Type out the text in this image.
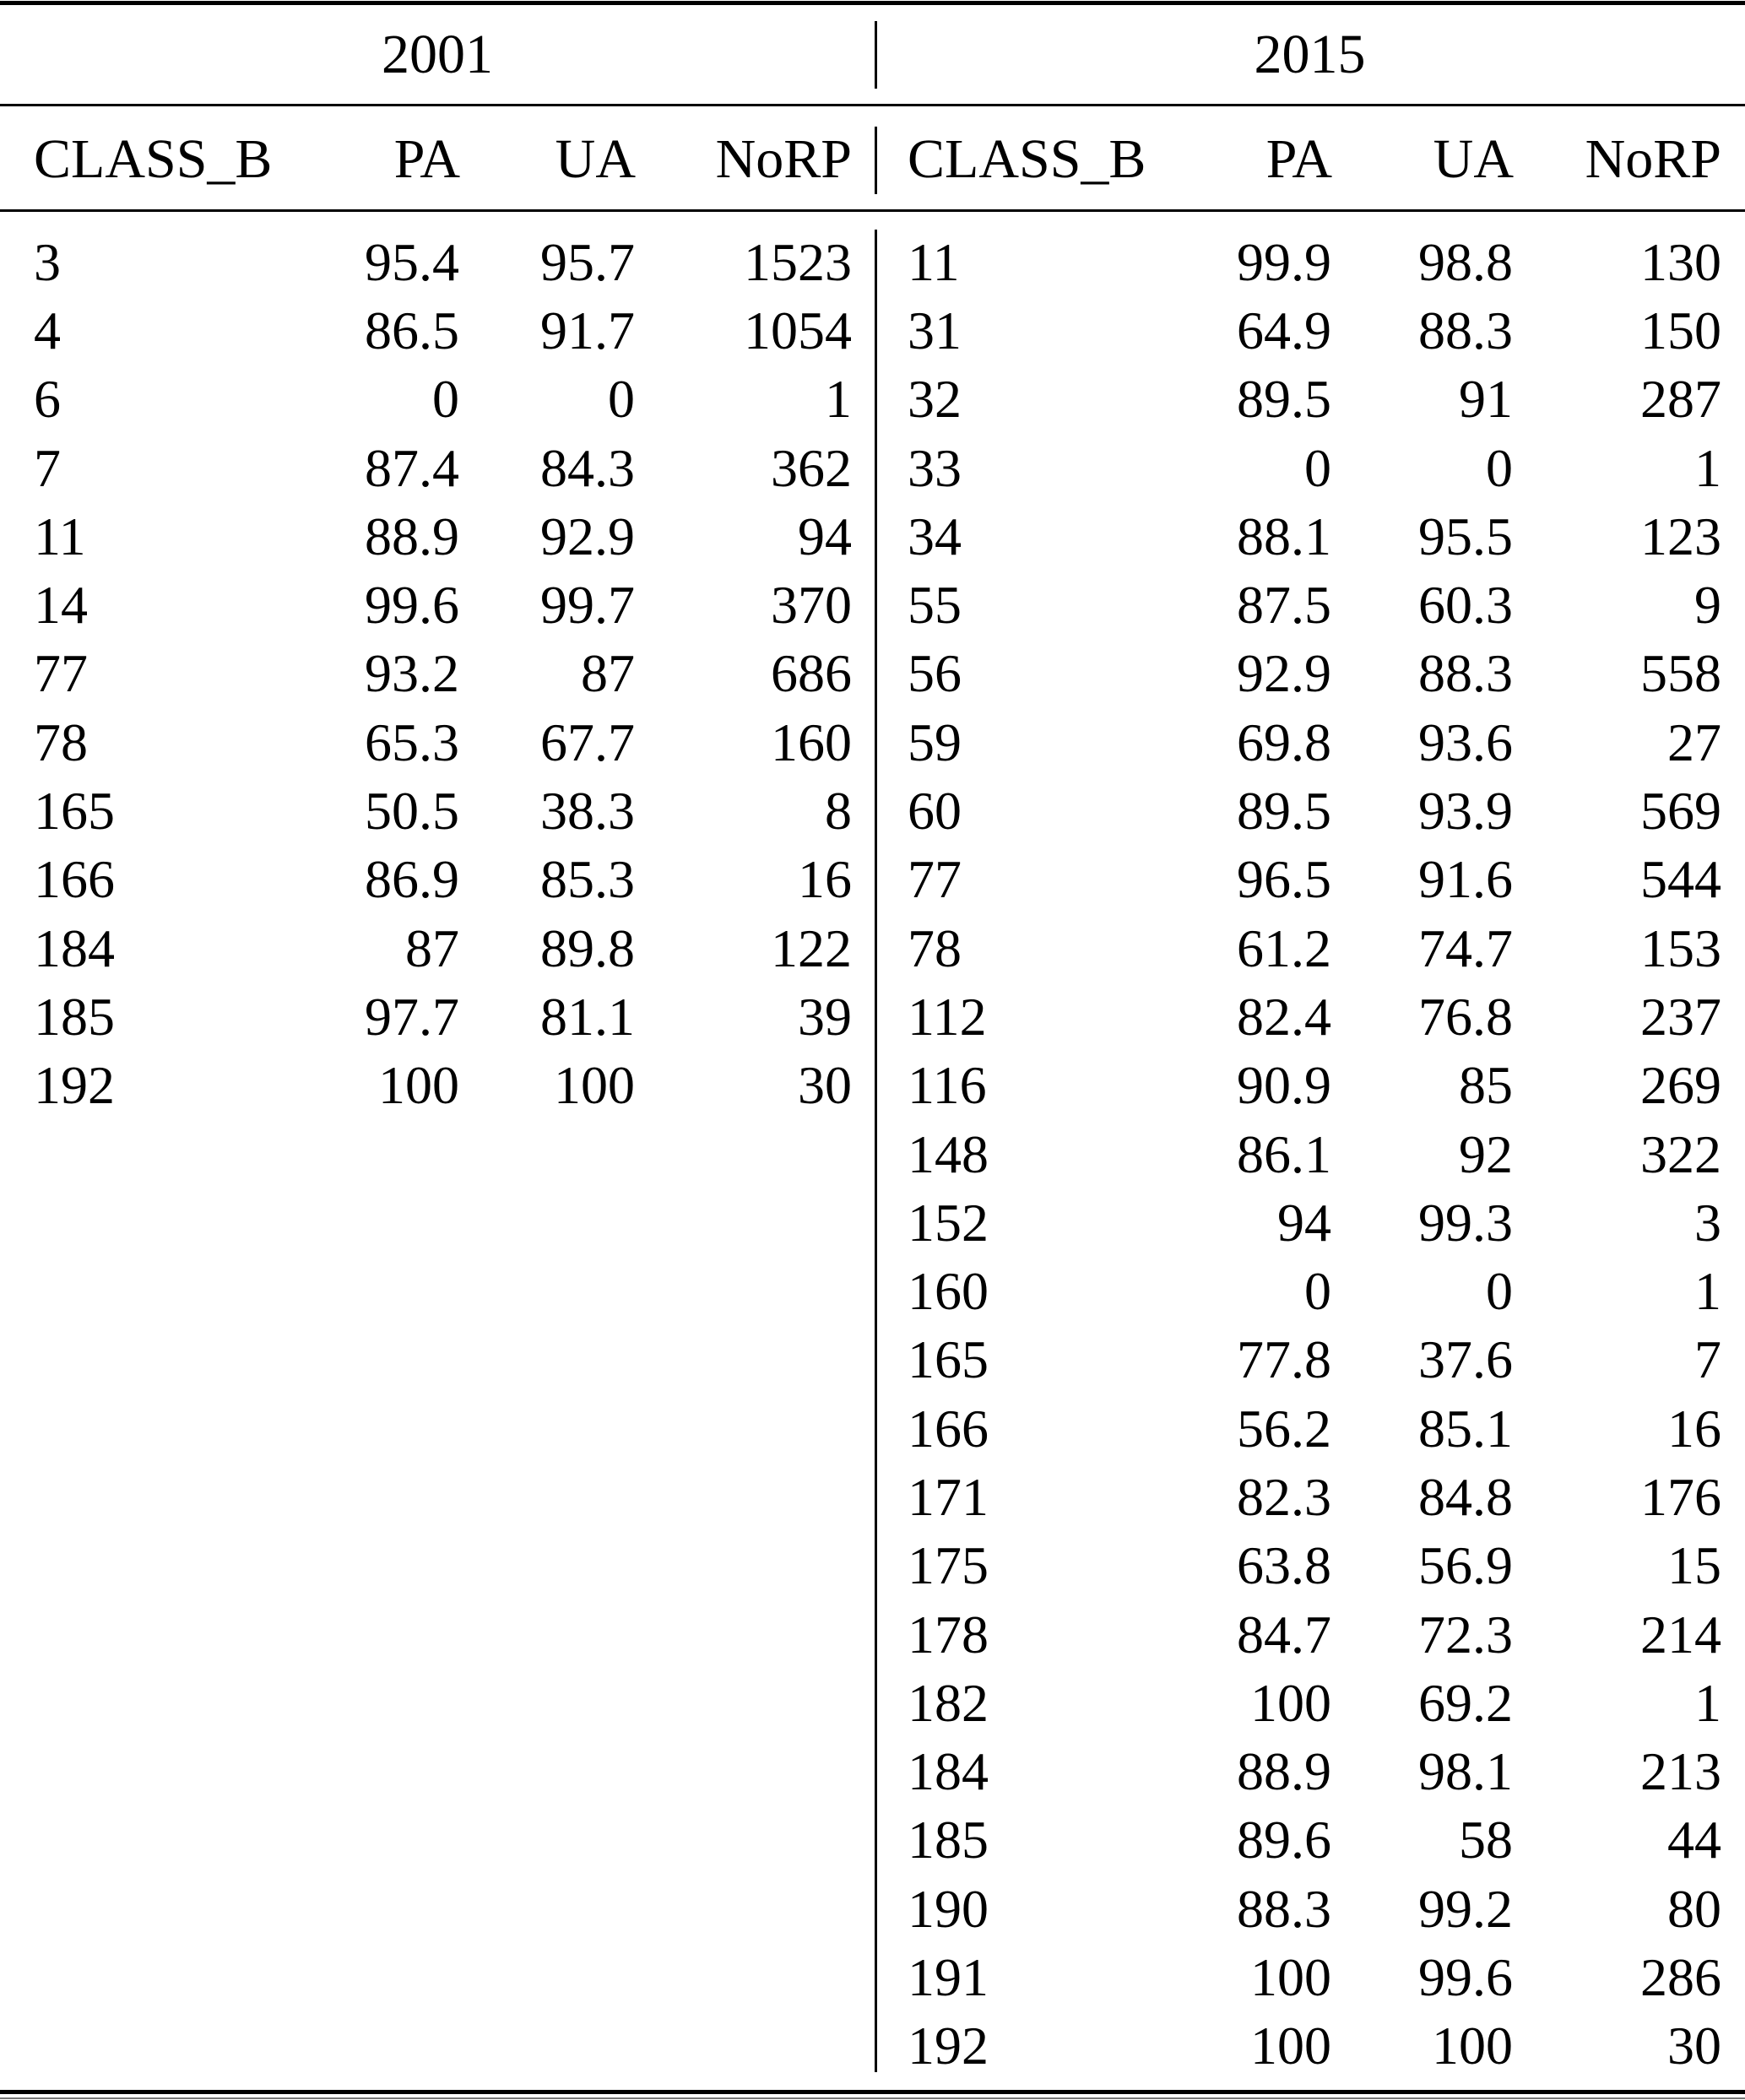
2001	2015
CLASS_B	PA	UA	NoRP	CLASS_B	PA	UA	NoRP
3	95.4	95.7	1523	11	99.9	98.8	130
4	86.5	91.7	1054	31	64.9	88.3	150
6	0	0	1	32	89.5	91	287
7	87.4	84.3	362	33	0	0	1
11	88.9	92.9	94	34	88.1	95.5	123
14	99.6	99.7	370	55	87.5	60.3	9
77	93.2	87	686	56	92.9	88.3	558
78	65.3	67.7	160	59	69.8	93.6	27
165	50.5	38.3	8	60	89.5	93.9	569
166	86.9	85.3	16	77	96.5	91.6	544
184	87	89.8	122	78	61.2	74.7	153
185	97.7	81.1	39	112	82.4	76.8	237
192	100	100	30	116	90.9	85	269
				148	86.1	92	322
				152	94	99.3	3
				160	0	0	1
				165	77.8	37.6	7
				166	56.2	85.1	16
				171	82.3	84.8	176
				175	63.8	56.9	15
				178	84.7	72.3	214
				182	100	69.2	1
				184	88.9	98.1	213
				185	89.6	58	44
				190	88.3	99.2	80
				191	100	99.6	286
				192	100	100	30
